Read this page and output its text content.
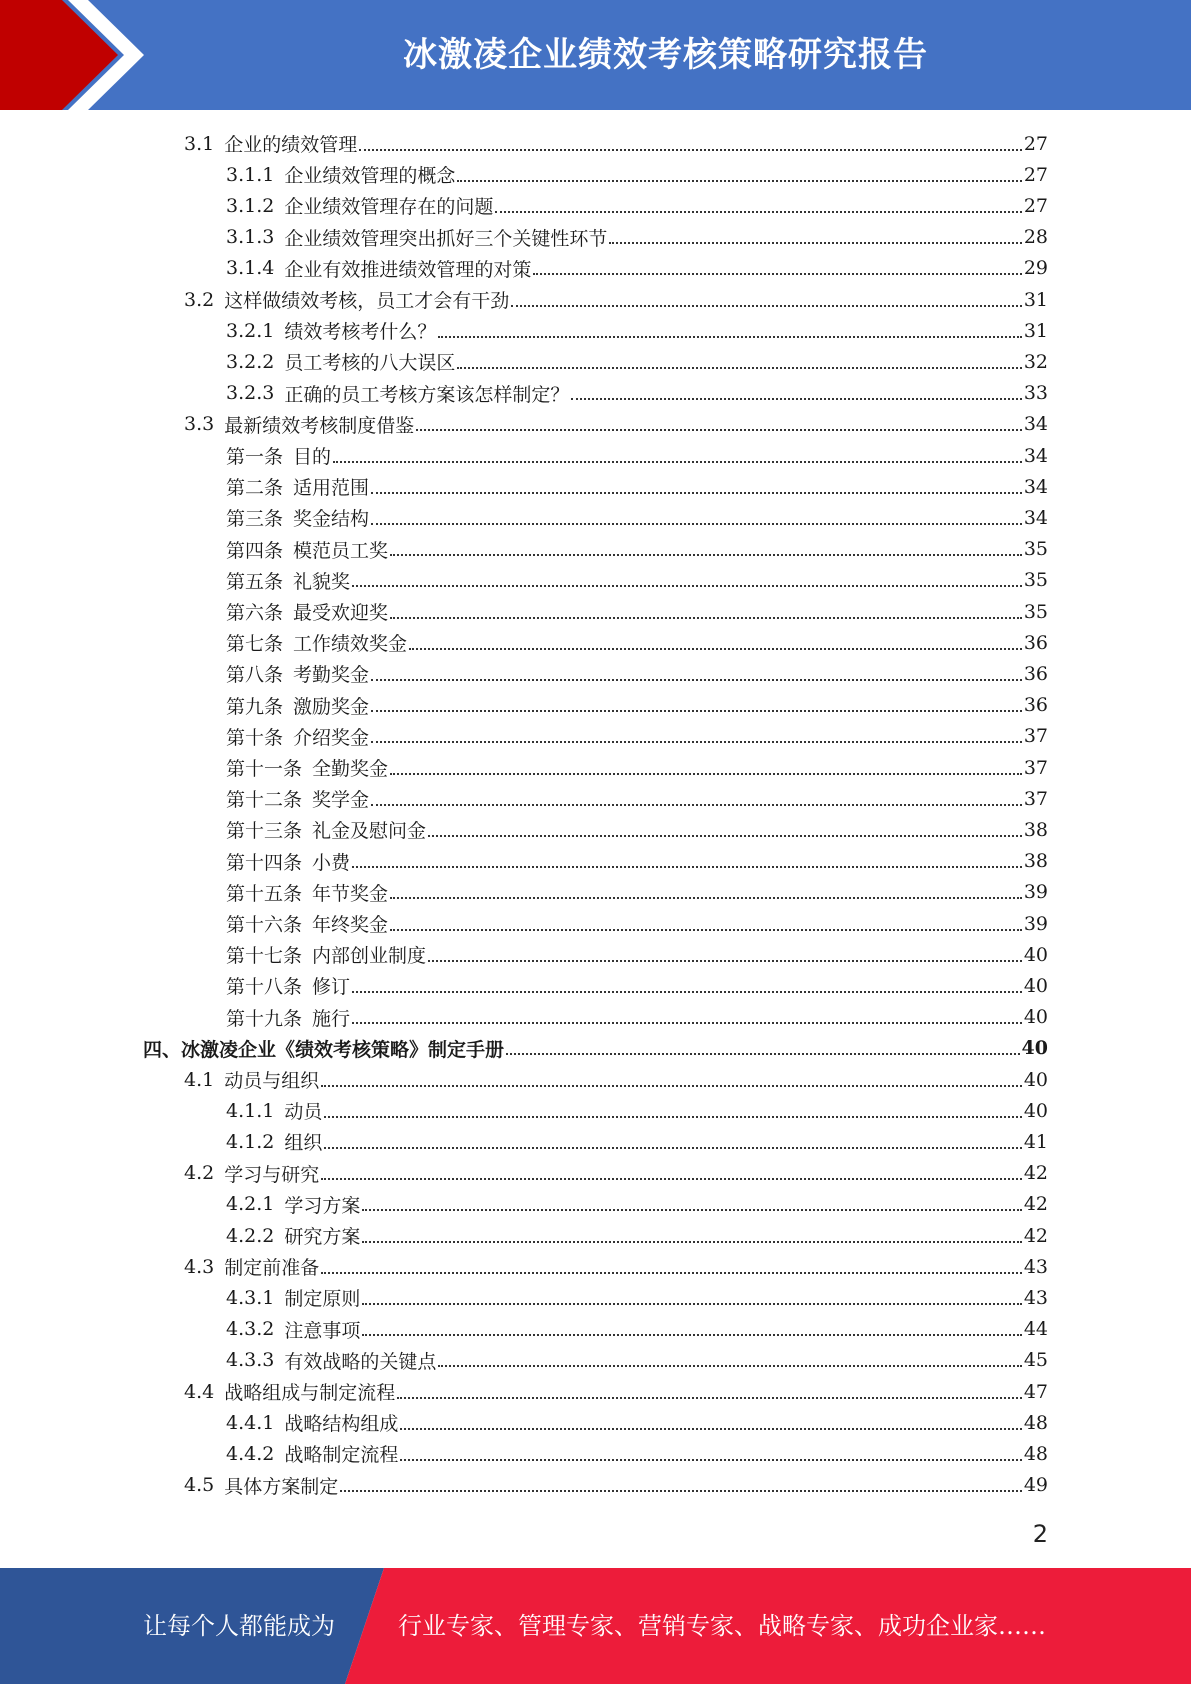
冰激凌企业绩效考核策略研究报告
3.1 企业的绩效管理	27
3.1.1 企业绩效管理的概念	27
3.1.2 企业绩效管理存在的问题	27
3.1.3 企业绩效管理突出抓好三个关键性环节	28
3.1.4 企业有效推进绩效管理的对策	29
3.2 这样做绩效考核，员工才会有干劲	31
3.2.1 绩效考核考什么？	31
3.2.2 员工考核的八大误区	32
3.2.3 正确的员工考核方案该怎样制定？	33
3.3 最新绩效考核制度借鉴	34
第一条 目的	34
第二条 适用范围	34
第三条 奖金结构	34
第四条 模范员工奖	35
第五条 礼貌奖	35
第六条 最受欢迎奖	35
第七条 工作绩效奖金	36
第八条 考勤奖金	36
第九条 激励奖金	36
第十条 介绍奖金	37
第十一条 全勤奖金	37
第十二条 奖学金	37
第十三条 礼金及慰问金	38
第十四条 小费	38
第十五条 年节奖金	39
第十六条 年终奖金	39
第十七条 内部创业制度	40
第十八条 修订	40
第十九条 施行	40
四、冰激凌企业《绩效考核策略》制定手册	40
4.1 动员与组织	40
4.1.1 动员	40
4.1.2 组织	41
4.2 学习与研究	42
4.2.1 学习方案	42
4.2.2 研究方案	42
4.3 制定前准备	43
4.3.1 制定原则	43
4.3.2 注意事项	44
4.3.3 有效战略的关键点	45
4.4 战略组成与制定流程	47
4.4.1 战略结构组成	48
4.4.2 战略制定流程	48
4.5 具体方案制定	49
2
让每个人都能成为	行业专家、管理专家、营销专家、战略专家、成功企业家……
